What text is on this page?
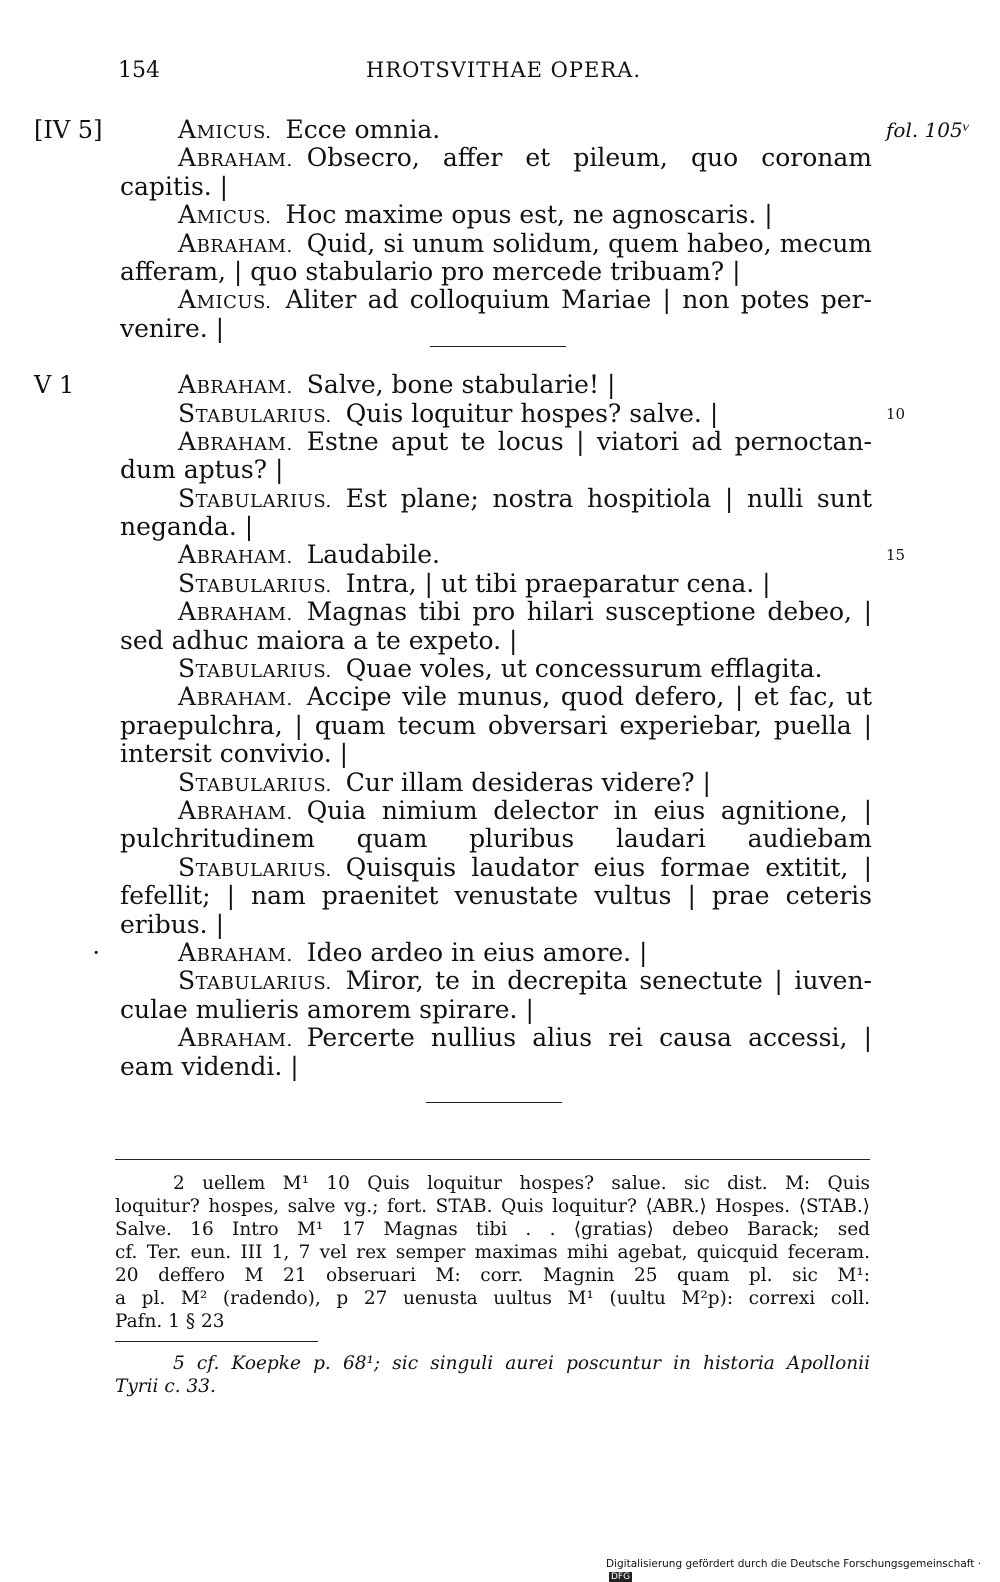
154	HROTSVITHAE OPERA.
[IV 5]	AMICUS. Ecce omnia.	fol. 105ᵛ
ABRAHAM. Obsecro, affer et pileum, quo coronam
capitis. |
AMICUS. Hoc maxime opus est, ne agnoscaris. |
ABRAHAM. Quid, si unum solidum, quem habeo, mecum
afferam, | quo stabulario pro mercede tribuam? |
AMICUS. Aliter ad colloquium Mariae | non potes per-
venire. |
V 1	ABRAHAM. Salve, bone stabularie! |
STABULARIUS. Quis loquitur hospes? salve. |	10
ABRAHAM. Estne aput te locus | viatori ad pernoctan-
dum aptus? |
STABULARIUS. Est plane; nostra hospitiola | nulli sunt
neganda. |
ABRAHAM. Laudabile.	15
STABULARIUS. Intra, | ut tibi praeparatur cena. |
ABRAHAM. Magnas tibi pro hilari susceptione debeo, |
sed adhuc maiora a te expeto. |
STABULARIUS. Quae voles, ut concessurum efflagita.
ABRAHAM. Accipe vile munus, quod defero, | et fac, ut
praepulchra, | quam tecum obversari experiebar, puella |
intersit convivio. |
STABULARIUS. Cur illam desideras videre? |
ABRAHAM. Quia nimium delector in eius agnitione, |
pulchritudinem quam pluribus laudari audiebam
STABULARIUS. Quisquis laudator eius formae extitit, |
fefellit; | nam praenitet venustate vultus | prae ceteris
eribus. |
·	ABRAHAM. Ideo ardeo in eius amore. |
STABULARIUS. Miror, te in decrepita senectute | iuven-
culae mulieris amorem spirare. |
ABRAHAM. Percerte nullius alius rei causa accessi, |
eam videndi. |
2 uellem M¹ 10 Quis loquitur hospes? salue. sic dist. M: Quis
loquitur? hospes, salve vg.; fort. STAB. Quis loquitur? ⟨ABR.⟩ Hospes. ⟨STAB.⟩
Salve. 16 Intro M¹ 17 Magnas tibi . . ⟨gratias⟩ debeo Barack; sed
cf. Ter. eun. III 1, 7 vel rex semper maximas mihi agebat, quicquid feceram.
20 deffero M 21 obseruari M: corr. Magnin 25 quam pl. sic M¹:
a pl. M² (radendo), p 27 uenusta uultus M¹ (uultu M²p): correxi coll.
Pafn. 1 § 23
5 cf. Koepke p. 68¹; sic singuli aurei poscuntur in historia Apollonii
Tyrii c. 33.
Digitalisierung gefördert durch die Deutsche Forschungsgemeinschaft ·DFG
